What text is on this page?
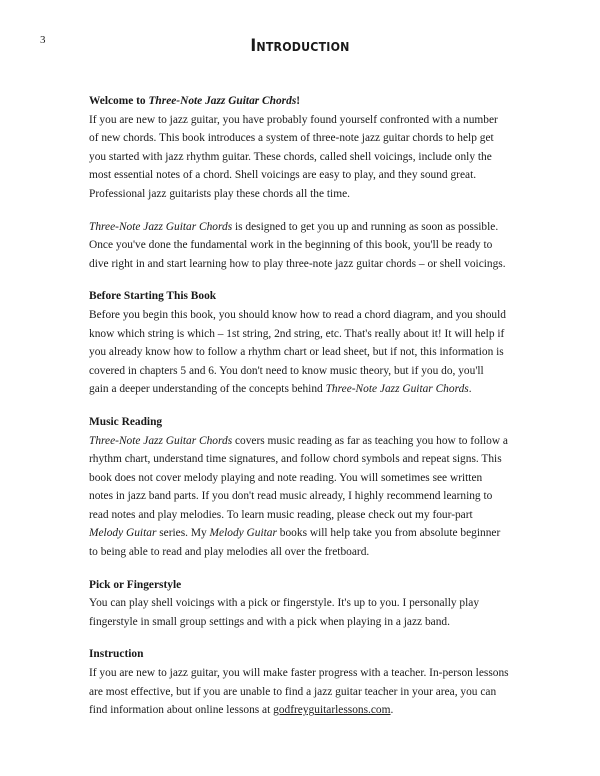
3	Introduction
Welcome to Three-Note Jazz Guitar Chords!

If you are new to jazz guitar, you have probably found yourself confronted with a number
of new chords. This book introduces a system of three-note jazz guitar chords to help get
you started with jazz rhythm guitar. These chords, called shell voicings, include only the
most essential notes of a chord. Shell voicings are easy to play, and they sound great.
Professional jazz guitarists play these chords all the time.

Three-Note Jazz Guitar Chords is designed to get you up and running as soon as possible.
Once you've done the fundamental work in the beginning of this book, you'll be ready to
dive right in and start learning how to play three-note jazz guitar chords – or shell voicings.

Before Starting This Book

Before you begin this book, you should know how to read a chord diagram, and you should
know which string is which – 1st string, 2nd string, etc. That's really about it! It will help if
you already know how to follow a rhythm chart or lead sheet, but if not, this information is
covered in chapters 5 and 6. You don't need to know music theory, but if you do, you'll
gain a deeper understanding of the concepts behind Three-Note Jazz Guitar Chords.

Music Reading

Three-Note Jazz Guitar Chords covers music reading as far as teaching you how to follow a
rhythm chart, understand time signatures, and follow chord symbols and repeat signs. This
book does not cover melody playing and note reading. You will sometimes see written
notes in jazz band parts. If you don't read music already, I highly recommend learning to
read notes and play melodies. To learn music reading, please check out my four-part
Melody Guitar series. My Melody Guitar books will help take you from absolute beginner
to being able to read and play melodies all over the fretboard.

Pick or Fingerstyle

You can play shell voicings with a pick or fingerstyle. It's up to you. I personally play
fingerstyle in small group settings and with a pick when playing in a jazz band.

Instruction

If you are new to jazz guitar, you will make faster progress with a teacher. In-person lessons
are most effective, but if you are unable to find a jazz guitar teacher in your area, you can
find information about online lessons at godfreyguitarlessons.com.
